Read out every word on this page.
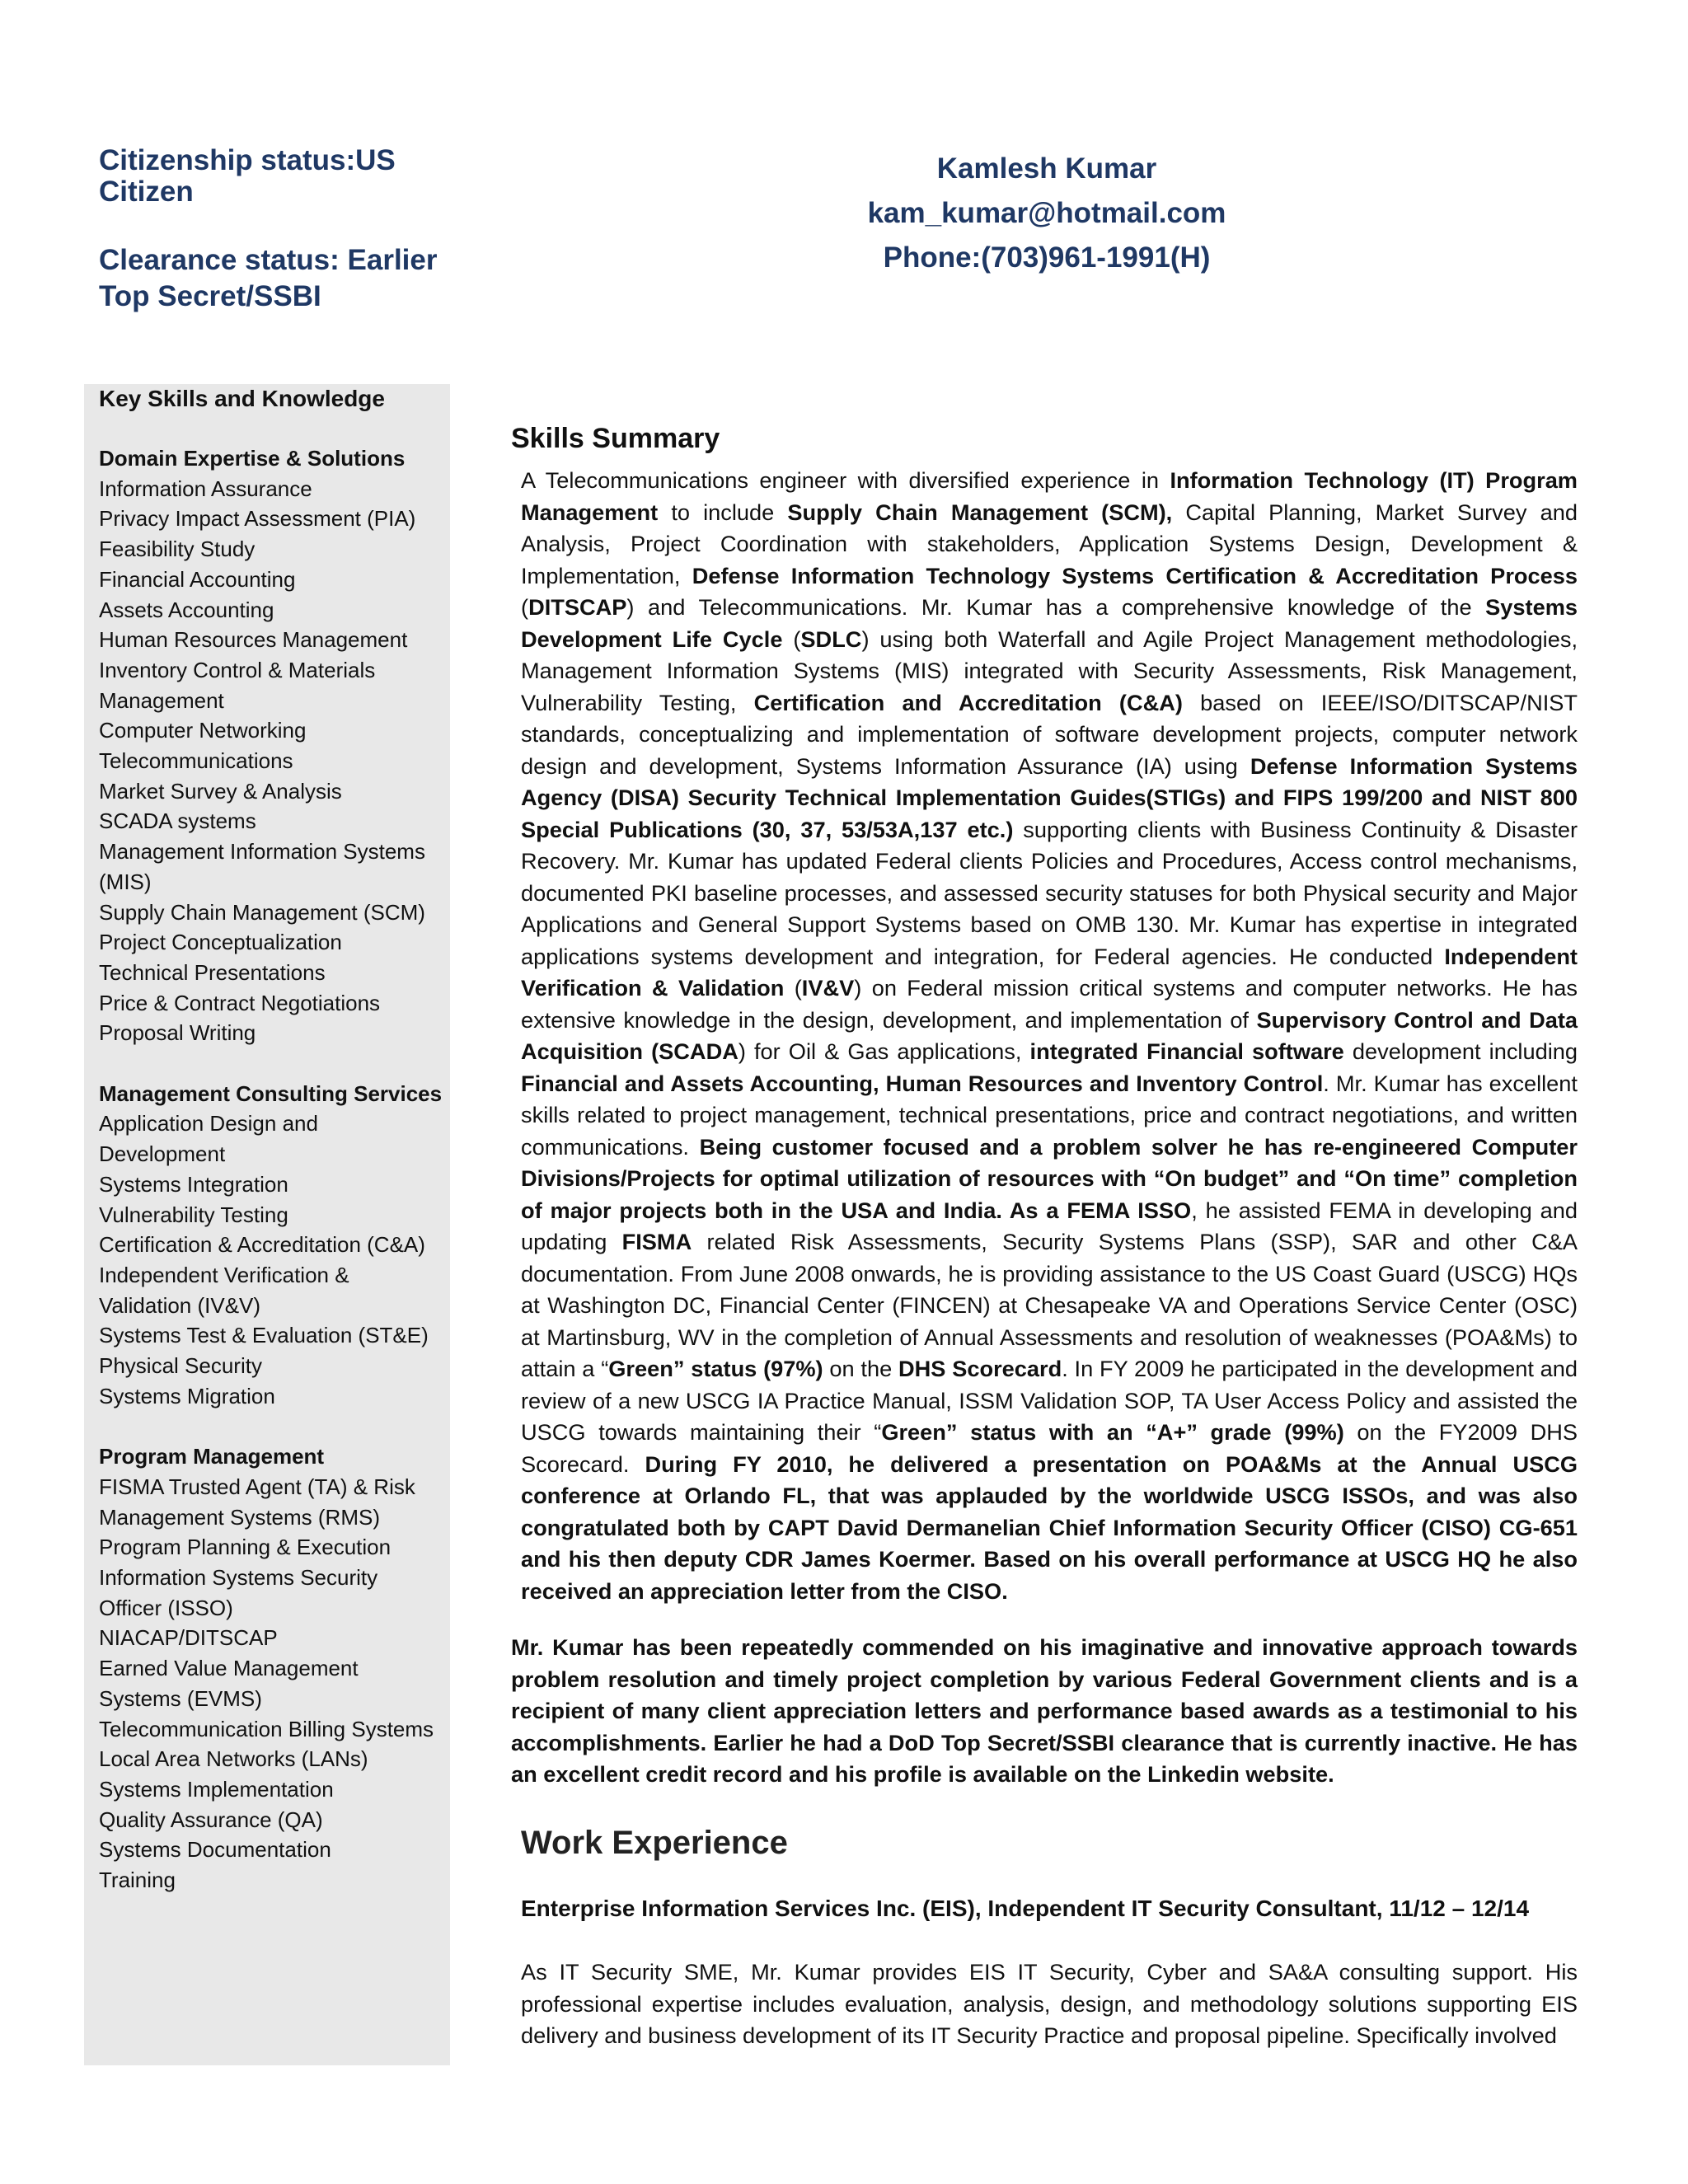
Citizenship status:US Citizen
Clearance status: Earlier Top Secret/SSBI
Kamlesh Kumar
kam_kumar@hotmail.com
Phone:(703)961-1991(H)
Key Skills and Knowledge
Domain Expertise & Solutions
Information Assurance
Privacy Impact Assessment (PIA)
Feasibility Study
Financial Accounting
Assets Accounting
Human Resources Management
Inventory Control & Materials Management
Computer Networking
Telecommunications
Market Survey & Analysis
SCADA systems
Management Information Systems (MIS)
Supply Chain Management (SCM)
Project Conceptualization
Technical Presentations
Price & Contract Negotiations
Proposal Writing
Management Consulting Services
Application Design and Development
Systems Integration
Vulnerability Testing
Certification & Accreditation (C&A)
Independent Verification & Validation (IV&V)
Systems Test & Evaluation (ST&E)
Physical Security
Systems Migration
Program Management
FISMA Trusted Agent (TA) & Risk Management Systems (RMS)
Program Planning & Execution
Information Systems Security Officer (ISSO)
NIACAP/DITSCAP
Earned Value Management Systems (EVMS)
Telecommunication Billing Systems
Local Area Networks (LANs)
Systems Implementation
Quality Assurance (QA)
Systems Documentation
Training
Skills Summary

A Telecommunications engineer with diversified experience in Information Technology (IT) Program Management to include Supply Chain Management (SCM), Capital Planning, Market Survey and Analysis, Project Coordination with stakeholders, Application Systems Design, Development & Implementation, Defense Information Technology Systems Certification & Accreditation Process (DITSCAP) and Telecommunications. Mr. Kumar has a comprehensive knowledge of the Systems Development Life Cycle (SDLC) using both Waterfall and Agile Project Management methodologies, Management Information Systems (MIS) integrated with Security Assessments, Risk Management, Vulnerability Testing, Certification and Accreditation (C&A) based on IEEE/ISO/DITSCAP/NIST standards, conceptualizing and implementation of software development projects, computer network design and development, Systems Information Assurance (IA) using Defense Information Systems Agency (DISA) Security Technical Implementation Guides(STIGs) and FIPS 199/200 and NIST 800 Special Publications (30, 37, 53/53A,137 etc.) supporting clients with Business Continuity & Disaster Recovery. Mr. Kumar has updated Federal clients Policies and Procedures, Access control mechanisms, documented PKI baseline processes, and assessed security statuses for both Physical security and Major Applications and General Support Systems based on OMB 130. Mr. Kumar has expertise in integrated applications systems development and integration, for Federal agencies. He conducted Independent Verification & Validation (IV&V) on Federal mission critical systems and computer networks. He has extensive knowledge in the design, development, and implementation of Supervisory Control and Data Acquisition (SCADA) for Oil & Gas applications, integrated Financial software development including Financial and Assets Accounting, Human Resources and Inventory Control. Mr. Kumar has excellent skills related to project management, technical presentations, price and contract negotiations, and written communications. Being customer focused and a problem solver he has re-engineered Computer Divisions/Projects for optimal utilization of resources with “On budget” and “On time” completion of major projects both in the USA and India. As a FEMA ISSO, he assisted FEMA in developing and updating FISMA related Risk Assessments, Security Systems Plans (SSP), SAR and other C&A documentation. From June 2008 onwards, he is providing assistance to the US Coast Guard (USCG) HQs at Washington DC, Financial Center (FINCEN) at Chesapeake VA and Operations Service Center (OSC) at Martinsburg, WV in the completion of Annual Assessments and resolution of weaknesses (POA&Ms) to attain a “Green” status (97%) on the DHS Scorecard. In FY 2009 he participated in the development and review of a new USCG IA Practice Manual, ISSM Validation SOP, TA User Access Policy and assisted the USCG towards maintaining their “Green” status with an “A+” grade (99%) on the FY2009 DHS Scorecard. During FY 2010, he delivered a presentation on POA&Ms at the Annual USCG conference at Orlando FL, that was applauded by the worldwide USCG ISSOs, and was also congratulated both by CAPT David Dermanelian Chief Information Security Officer (CISO) CG-651 and his then deputy CDR James Koermer. Based on his overall performance at USCG HQ he also received an appreciation letter from the CISO.

Mr. Kumar has been repeatedly commended on his imaginative and innovative approach towards problem resolution and timely project completion by various Federal Government clients and is a recipient of many client appreciation letters and performance based awards as a testimonial to his accomplishments. Earlier he had a DoD Top Secret/SSBI clearance that is currently inactive. He has an excellent credit record and his profile is available on the Linkedin website.

Work Experience
Enterprise Information Services Inc. (EIS), Independent IT Security Consultant, 11/12 – 12/14

As IT Security SME, Mr. Kumar provides EIS IT Security, Cyber and SA&A consulting support. His professional expertise includes evaluation, analysis, design, and methodology solutions supporting EIS delivery and business development of its IT Security Practice and proposal pipeline. Specifically involved
